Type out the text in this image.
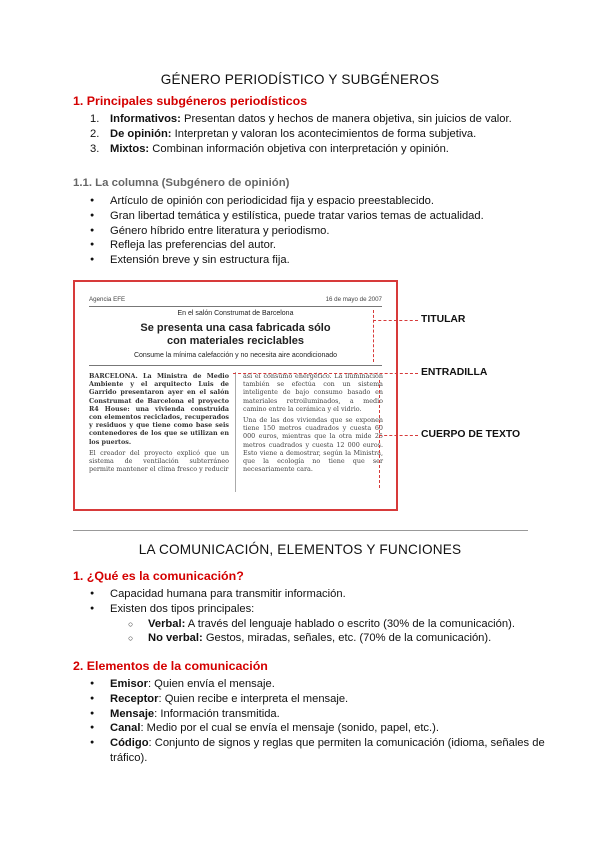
GÉNERO PERIODÍSTICO Y SUBGÉNEROS
1. Principales subgéneros periodísticos
1. Informativos: Presentan datos y hechos de manera objetiva, sin juicios de valor.
2. De opinión: Interpretan y valoran los acontecimientos de forma subjetiva.
3. Mixtos: Combinan información objetiva con interpretación y opinión.
1.1. La columna (Subgénero de opinión)
● Artículo de opinión con periodicidad fija y espacio preestablecido.
● Gran libertad temática y estilística, puede tratar varios temas de actualidad.
● Género híbrido entre literatura y periodismo.
● Refleja las preferencias del autor.
● Extensión breve y sin estructura fija.
Agencia EFE	16 de mayo de 2007
En el salón Construmat de Barcelona
Se presenta una casa fabricada sólo
con materiales reciclables
Consume la mínima calefacción y no necesita aire acondicionado

BARCELONA. La Ministra de Medio Ambiente y el arquitecto Luis de Garrido presentaron ayer en el salón Construmat de Barcelona el proyecto R4 House: una vivienda construida con elementos reciclados, recuperados y residuos y que tiene como base seis contenedores de los que se utilizan en los puertos.

El creador del proyecto explicó que un sistema de ventilación subterráneo permite mantener el clima fresco y reducir

así el consumo energético. La iluminación también se efectúa con un sistema inteligente de bajo consumo basado en materiales retroiluminados, a medio camino entre la cerámica y el vidrio.

Una de las dos viviendas que se exponen tiene 150 metros cuadrados y cuesta 60 000 euros, mientras que la otra mide 25 metros cuadrados y cuesta 12 000 euros. Esto viene a demostrar, según la Ministra, que la ecología no tiene que ser necesariamente cara.

TITULAR
ENTRADILLA
CUERPO DE TEXTO
LA COMUNICACIÓN, ELEMENTOS Y FUNCIONES
1. ¿Qué es la comunicación?
● Capacidad humana para transmitir información.
● Existen dos tipos principales:
○ Verbal: A través del lenguaje hablado o escrito (30% de la comunicación).
○ No verbal: Gestos, miradas, señales, etc. (70% de la comunicación).
2. Elementos de la comunicación
● Emisor: Quien envía el mensaje.
● Receptor: Quien recibe e interpreta el mensaje.
● Mensaje: Información transmitida.
● Canal: Medio por el cual se envía el mensaje (sonido, papel, etc.).
● Código: Conjunto de signos y reglas que permiten la comunicación (idioma, señales de tráfico).
